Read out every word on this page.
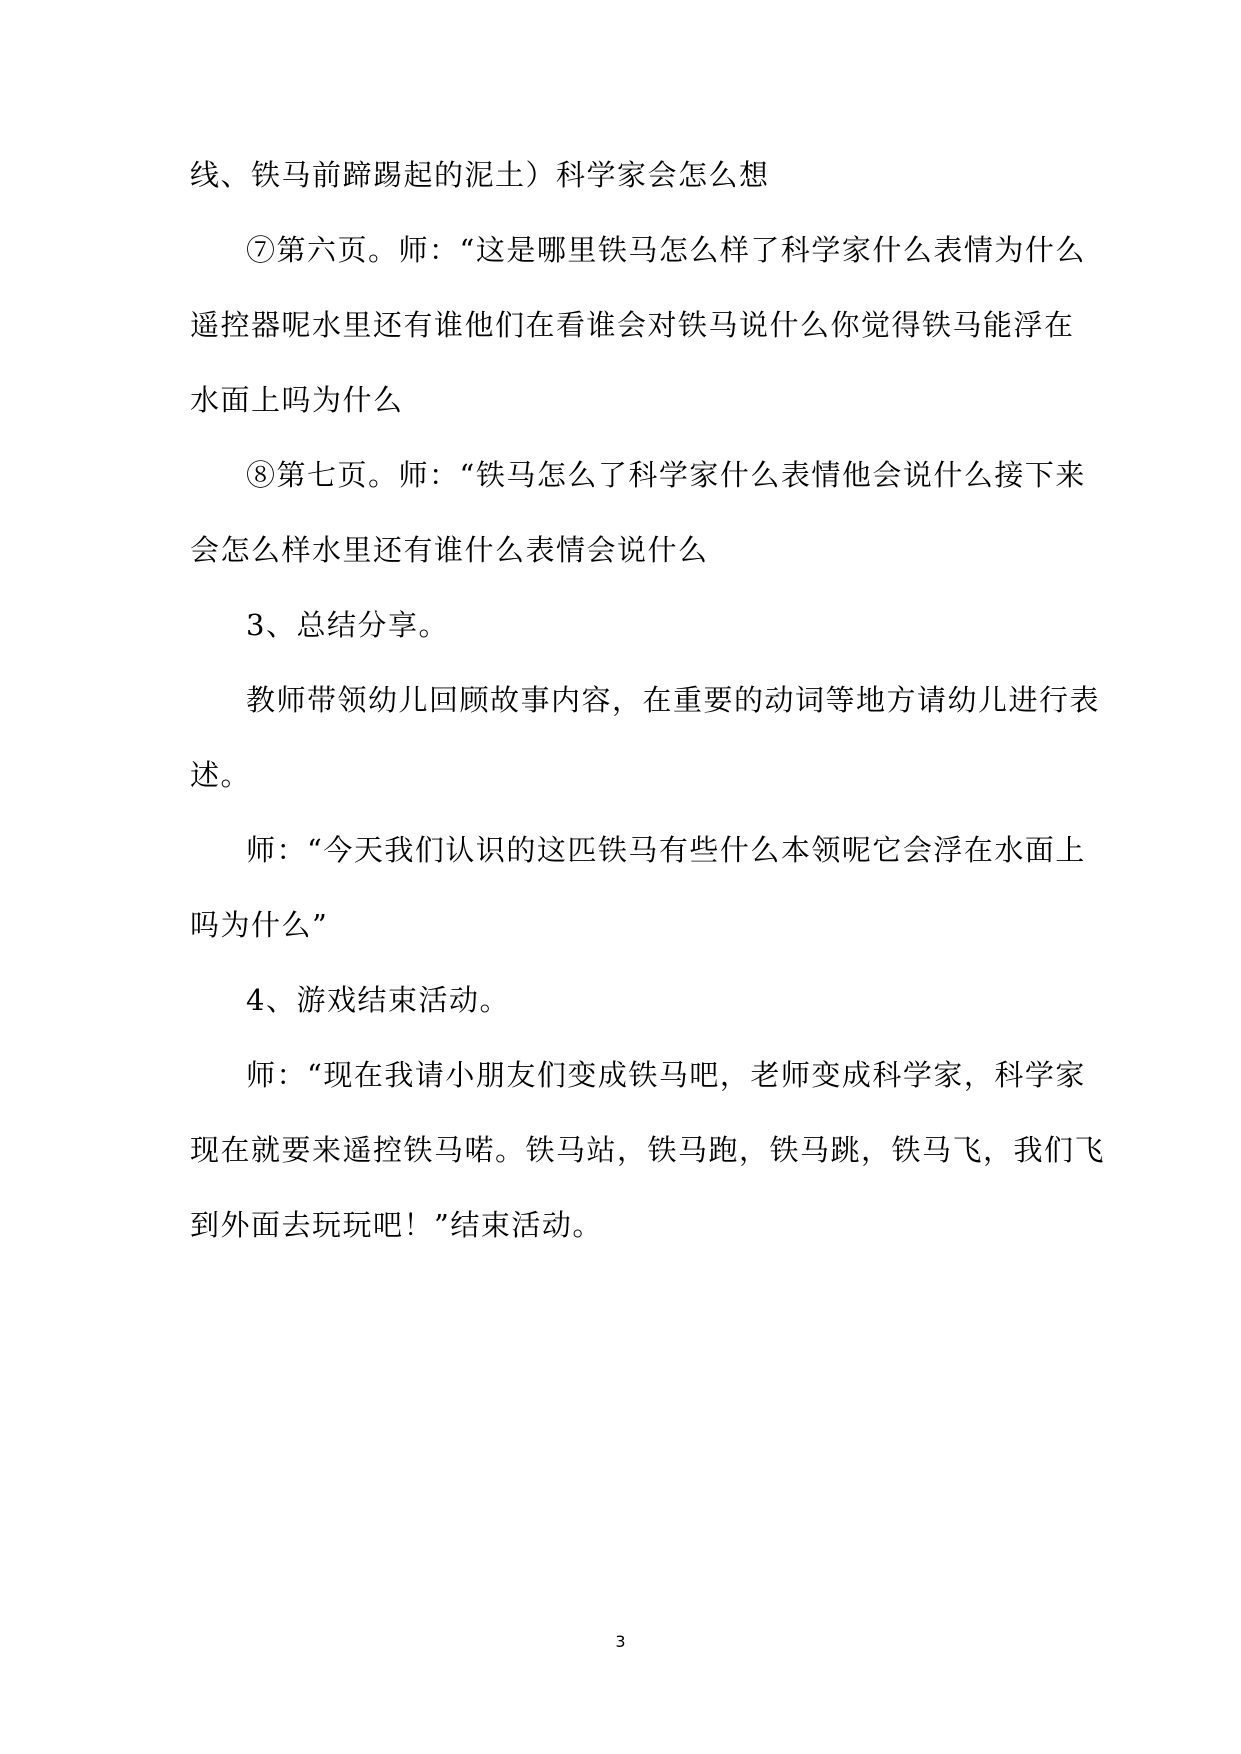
线、铁马前蹄踢起的泥土）科学家会怎么想
⑦第六页。师：“这是哪里铁马怎么样了科学家什么表情为什么
遥控器呢水里还有谁他们在看谁会对铁马说什么你觉得铁马能浮在
水面上吗为什么
⑧第七页。师：“铁马怎么了科学家什么表情他会说什么接下来
会怎么样水里还有谁什么表情会说什么
3、总结分享。
教师带领幼儿回顾故事内容，在重要的动词等地方请幼儿进行表
述。
师：“今天我们认识的这匹铁马有些什么本领呢它会浮在水面上
吗为什么”
4、游戏结束活动。
师：“现在我请小朋友们变成铁马吧，老师变成科学家，科学家
现在就要来遥控铁马喏。铁马站，铁马跑，铁马跳，铁马飞，我们飞
到外面去玩玩吧！”结束活动。
3
